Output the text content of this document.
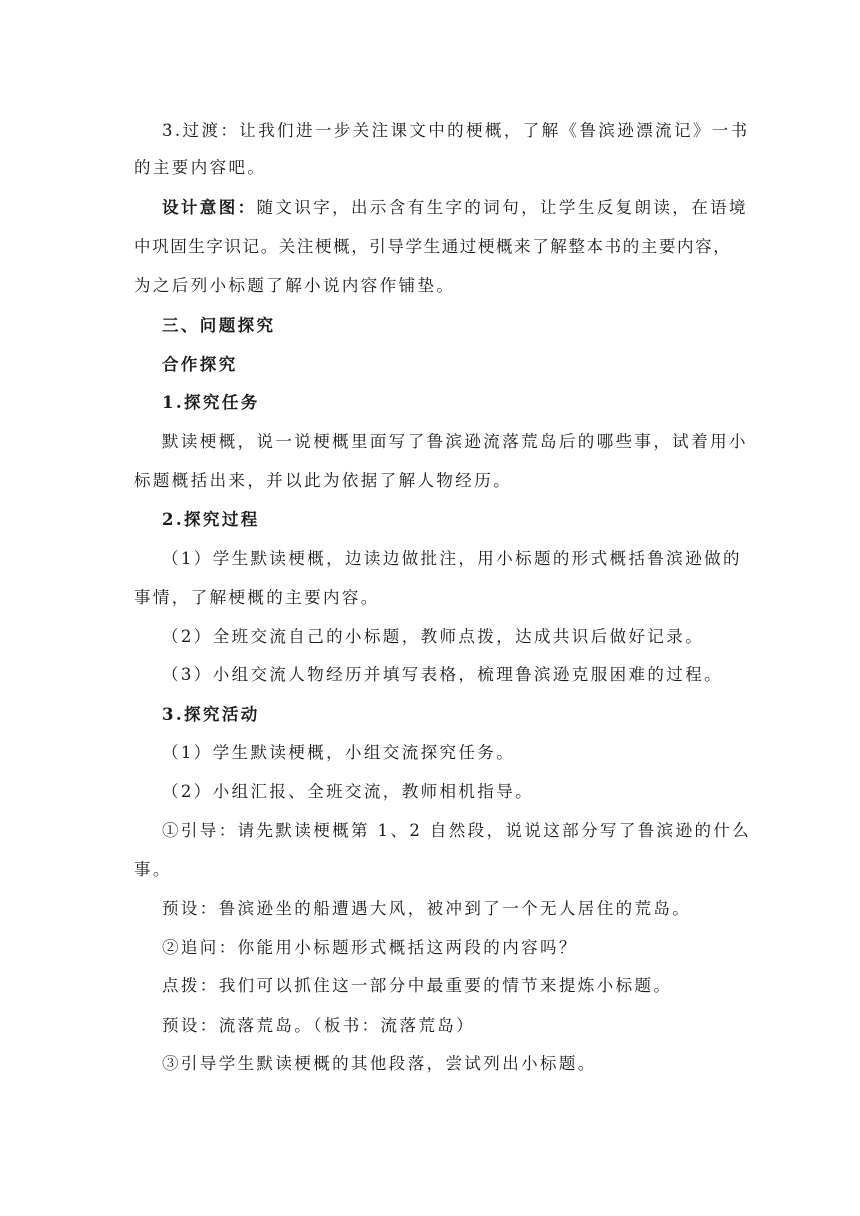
3.过渡：让我们进一步关注课文中的梗概，了解《鲁滨逊漂流记》一书
的主要内容吧。
设计意图：随文识字，出示含有生字的词句，让学生反复朗读，在语境
中巩固生字识记。关注梗概，引导学生通过梗概来了解整本书的主要内容，
为之后列小标题了解小说内容作铺垫。
三、问题探究
合作探究
1.探究任务
默读梗概，说一说梗概里面写了鲁滨逊流落荒岛后的哪些事，试着用小
标题概括出来，并以此为依据了解人物经历。
2.探究过程
（1）学生默读梗概，边读边做批注，用小标题的形式概括鲁滨逊做的
事情，了解梗概的主要内容。
（2）全班交流自己的小标题，教师点拨，达成共识后做好记录。
（3）小组交流人物经历并填写表格，梳理鲁滨逊克服困难的过程。
3.探究活动
（1）学生默读梗概，小组交流探究任务。
（2）小组汇报、全班交流，教师相机指导。
①引导：请先默读梗概第 1、2 自然段，说说这部分写了鲁滨逊的什么
事。
预设：鲁滨逊坐的船遭遇大风，被冲到了一个无人居住的荒岛。
②追问：你能用小标题形式概括这两段的内容吗？
点拨：我们可以抓住这一部分中最重要的情节来提炼小标题。
预设：流落荒岛。（板书：流落荒岛）
③引导学生默读梗概的其他段落，尝试列出小标题。
